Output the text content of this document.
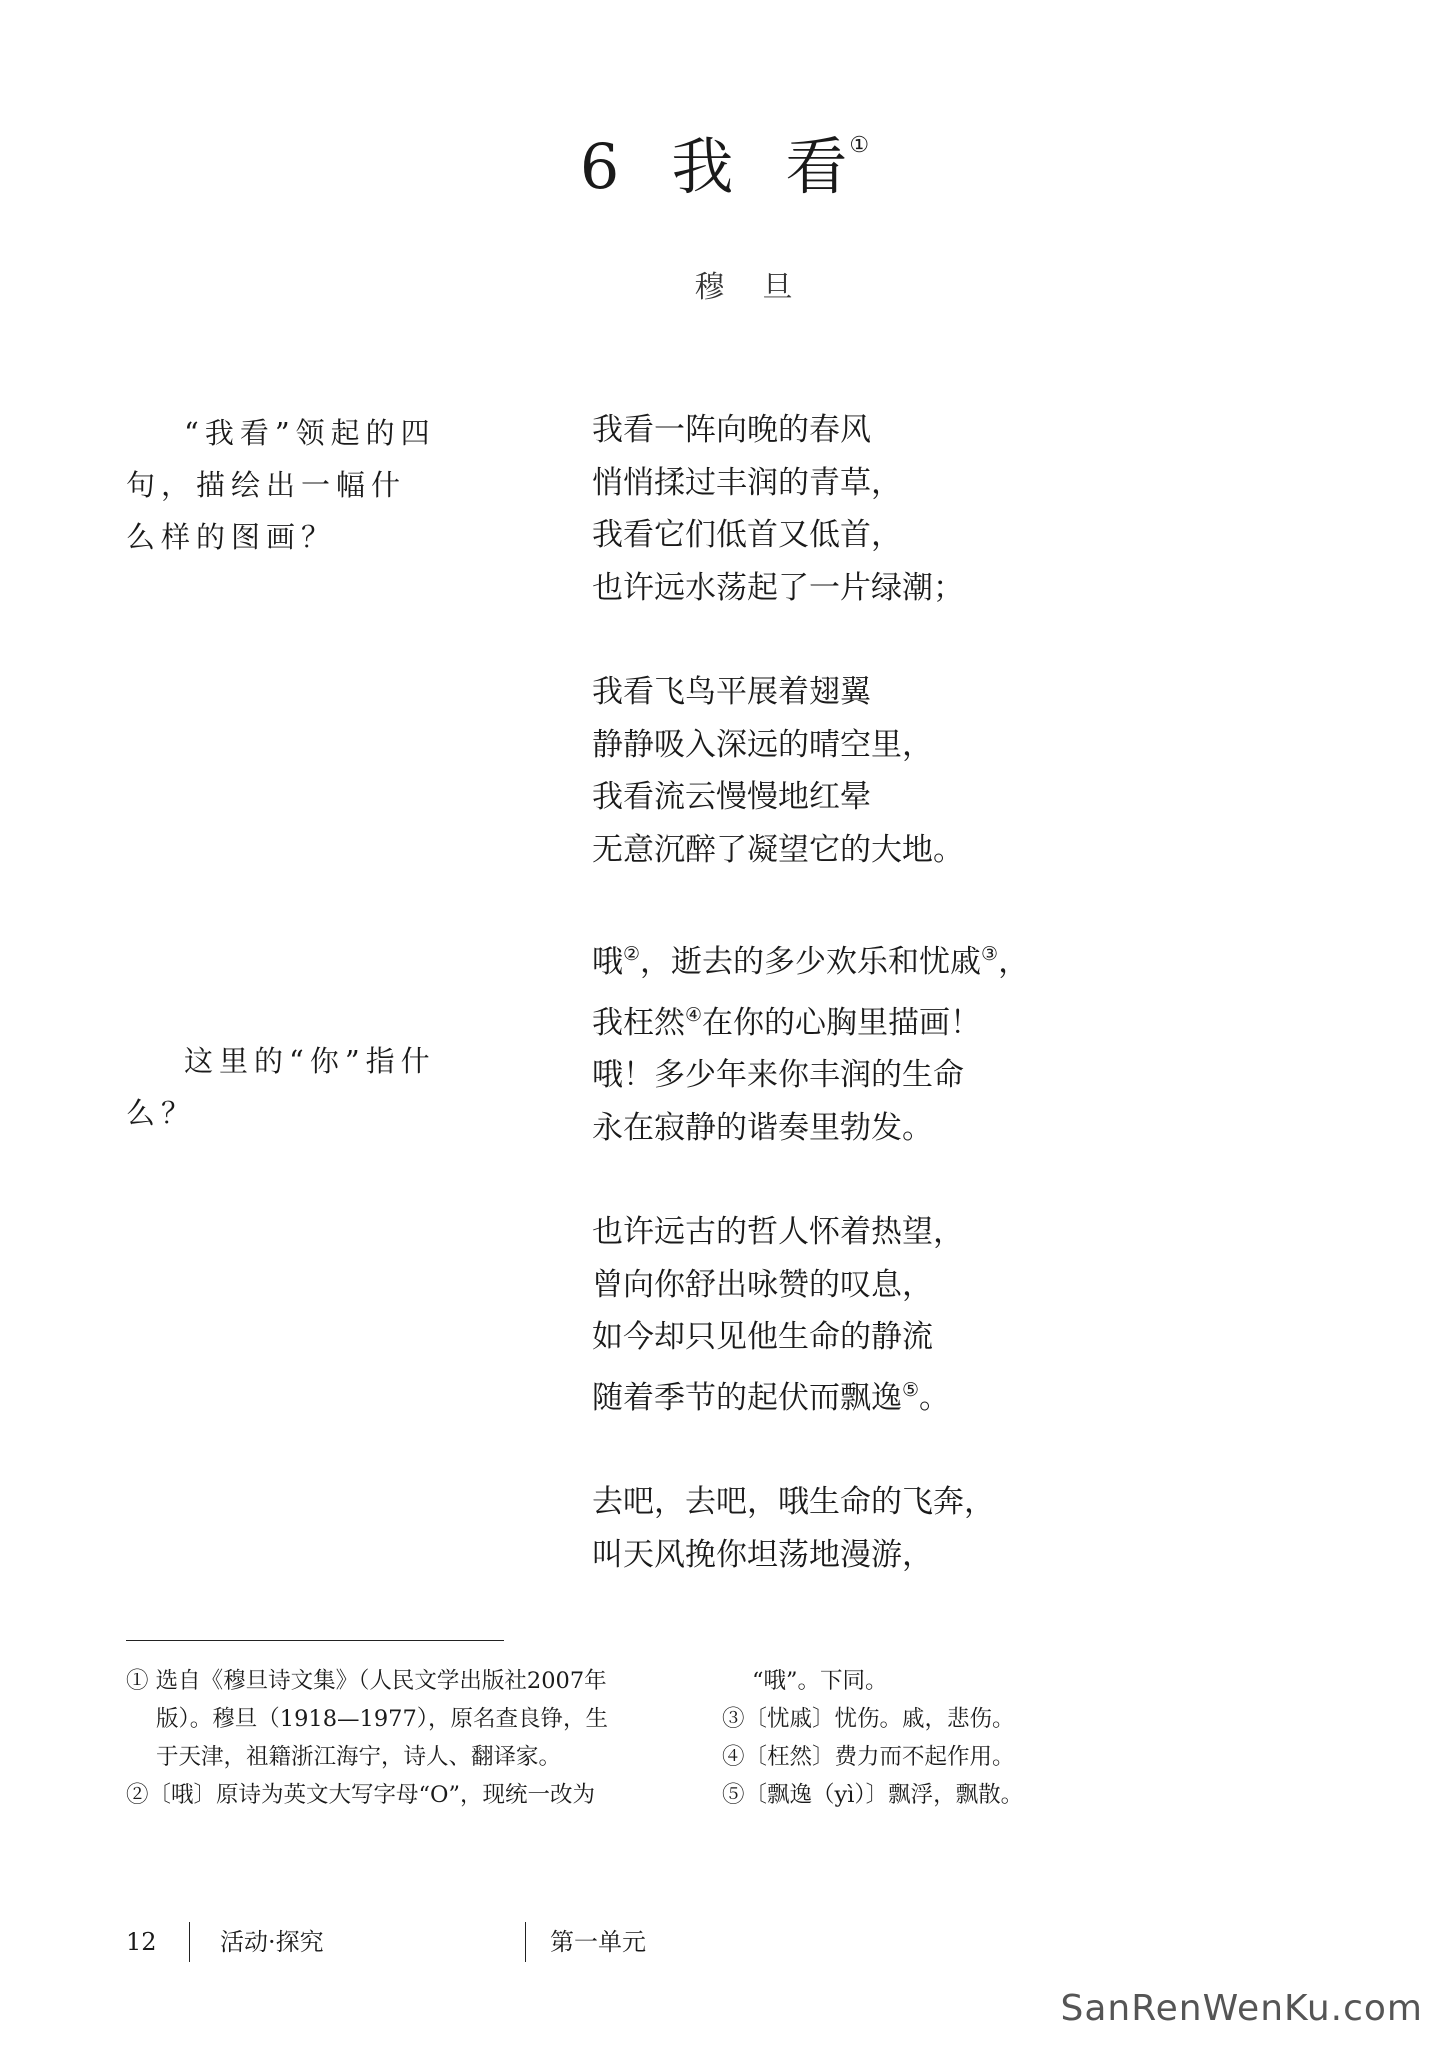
6 我 看①
穆旦
“我看”领起的四句，描绘出一幅什么样的图画？
这里的“你”指什么？
我看一阵向晚的春风
悄悄揉过丰润的青草，
我看它们低首又低首，
也许远水荡起了一片绿潮；
我看飞鸟平展着翅翼
静静吸入深远的晴空里，
我看流云慢慢地红晕
无意沉醉了凝望它的大地。
哦②，逝去的多少欢乐和忧戚③，
我枉然④在你的心胸里描画！
哦！多少年来你丰润的生命
永在寂静的谐奏里勃发。
也许远古的哲人怀着热望，
曾向你舒出咏赞的叹息，
如今却只见他生命的静流
随着季节的起伏而飘逸⑤。
去吧，去吧，哦生命的飞奔，
叫天风挽你坦荡地漫游，
① 选自《穆旦诗文集》（人民文学出版社2007年
版）。穆旦（1918—1977），原名查良铮，生
于天津，祖籍浙江海宁，诗人、翻译家。
②〔哦〕原诗为英文大写字母“O”，现统一改为
“哦”。下同。
③〔忧戚〕忧伤。戚，悲伤。
④〔枉然〕费力而不起作用。
⑤〔飘逸（yì）〕飘浮，飘散。
12	活动·探究	第一单元
SanRenWenKu.com
